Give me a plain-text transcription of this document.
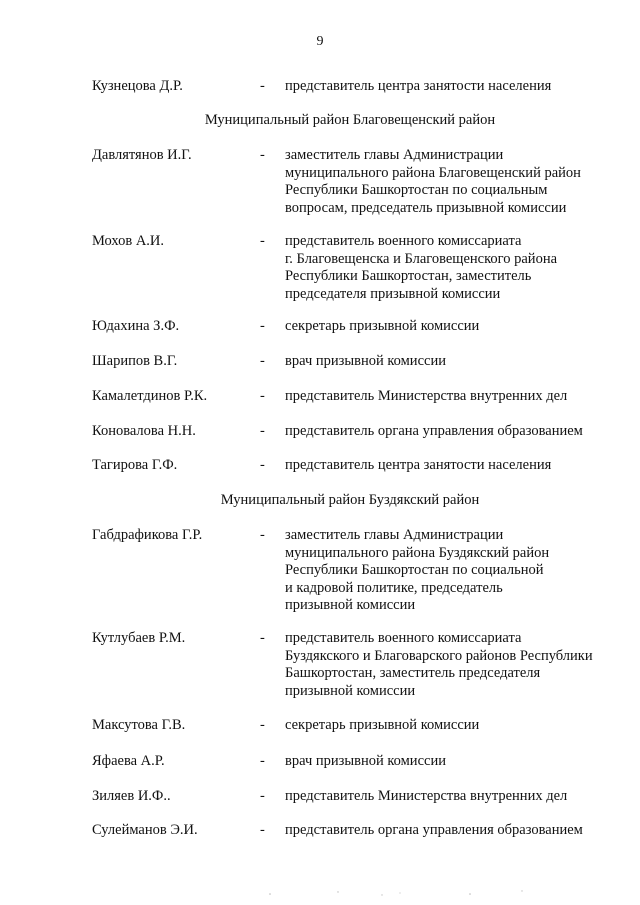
9
Кузнецова Д.Р.	- представитель центра занятости населения
Муниципальный район Благовещенский район
Давлятянов И.Г.	- заместитель главы Администрации
муниципального района Благовещенский район
Республики Башкортостан по социальным
вопросам, председатель призывной комиссии
Мохов А.И.	- представитель военного комиссариата
г. Благовещенска и Благовещенского района
Республики Башкортостан, заместитель
председателя призывной комиссии
Юдахина З.Ф.	- секретарь призывной комиссии
Шарипов В.Г.	- врач призывной комиссии
Камалетдинов Р.К.	- представитель Министерства внутренних дел
Коновалова Н.Н.	- представитель органа управления образованием
Тагирова Г.Ф.	- представитель центра занятости населения
Муниципальный район Буздякский район
Габдрафикова Г.Р.	- заместитель главы Администрации
муниципального района Буздякский район
Республики Башкортостан по социальной
и кадровой политике, председатель
призывной комиссии
Кутлубаев Р.М.	- представитель военного комиссариата
Буздякского и Благоварского районов Республики
Башкортостан, заместитель председателя
призывной комиссии
Максутова Г.В.	- секретарь призывной комиссии
Яфаева А.Р.	- врач призывной комиссии
Зиляев И.Ф..	- представитель Министерства внутренних дел
Сулейманов Э.И.	- представитель органа управления образованием
